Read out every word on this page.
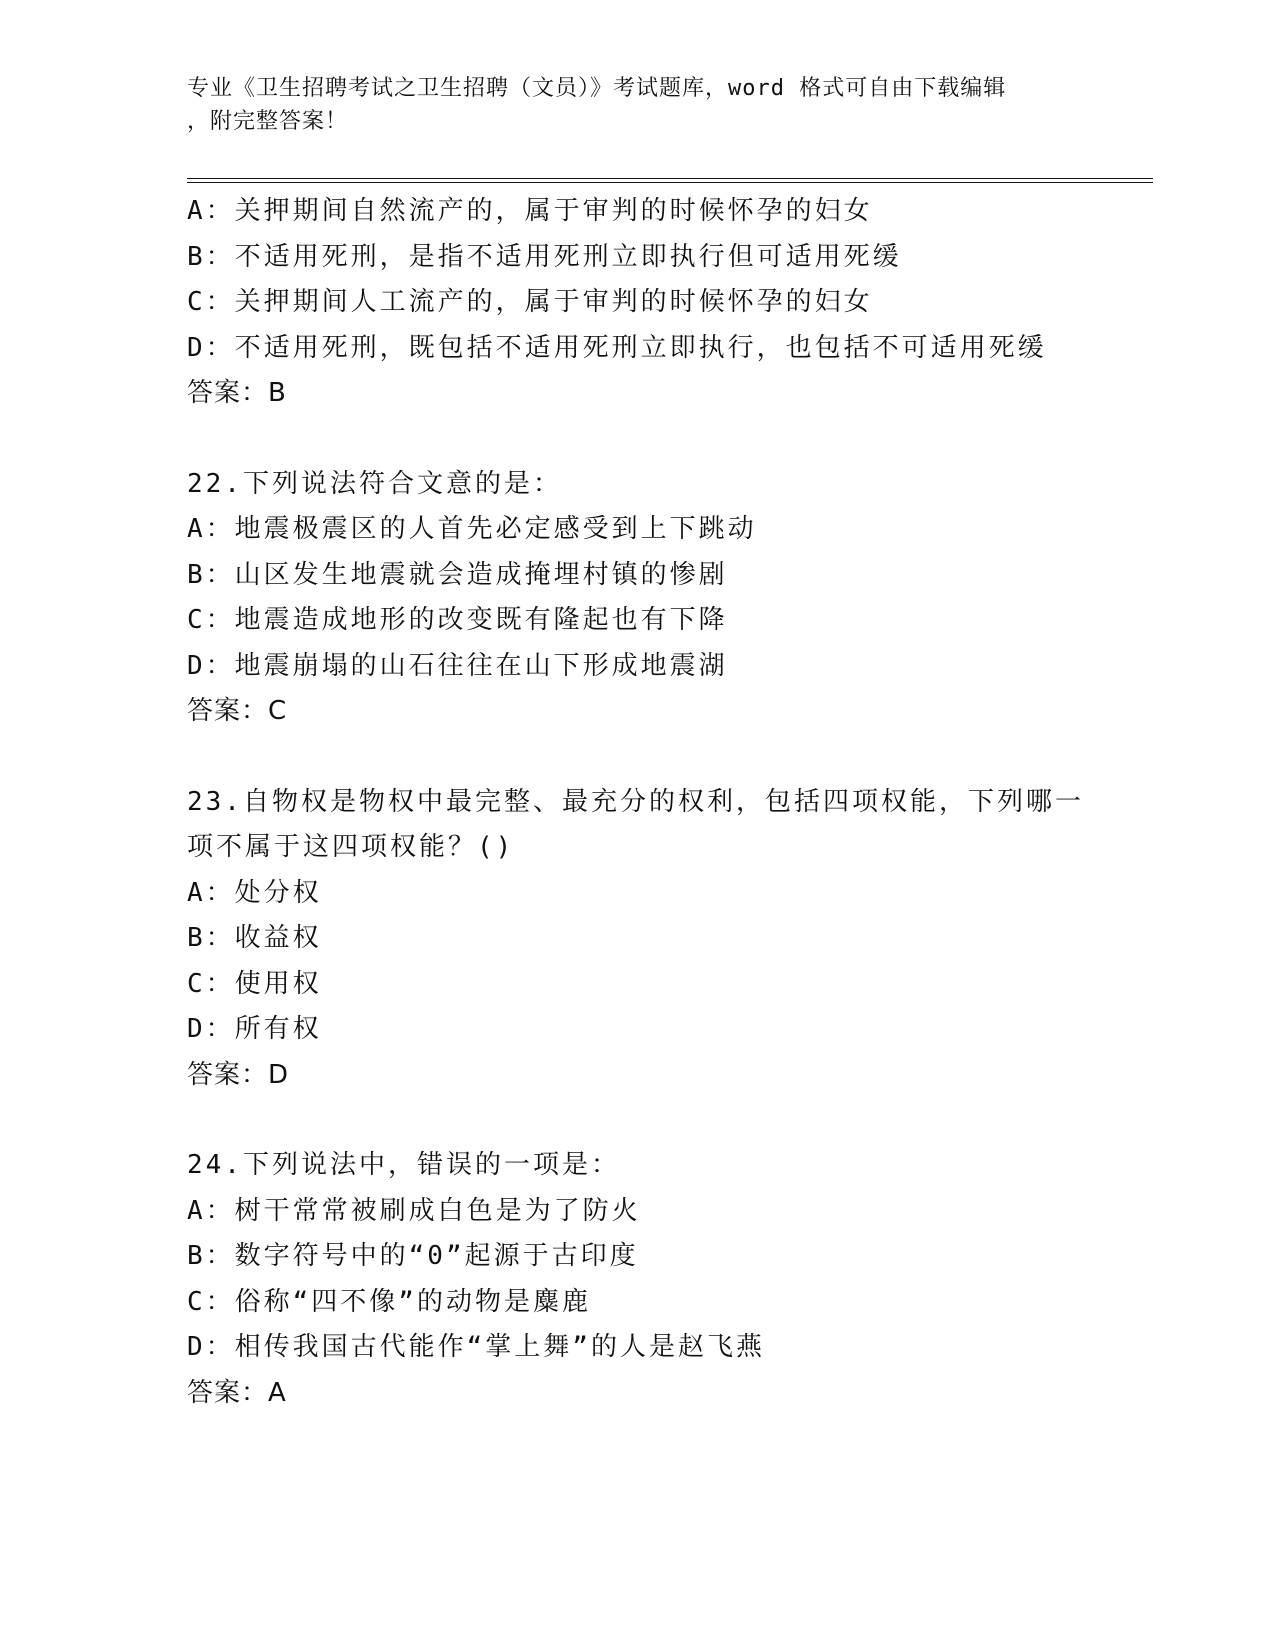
专业《卫生招聘考试之卫生招聘（文员）》考试题库，word 格式可自由下载编辑
，附完整答案！
A：关押期间自然流产的，属于审判的时候怀孕的妇女
B：不适用死刑，是指不适用死刑立即执行但可适用死缓
C：关押期间人工流产的，属于审判的时候怀孕的妇女
D：不适用死刑，既包括不适用死刑立即执行，也包括不可适用死缓
答案：B
22.下列说法符合文意的是：
A：地震极震区的人首先必定感受到上下跳动
B：山区发生地震就会造成掩埋村镇的惨剧
C：地震造成地形的改变既有隆起也有下降
D：地震崩塌的山石往往在山下形成地震湖
答案：C
23.自物权是物权中最完整、最充分的权利，包括四项权能，下列哪一
项不属于这四项权能？()
A：处分权
B：收益权
C：使用权
D：所有权
答案：D
24.下列说法中，错误的一项是：
A：树干常常被刷成白色是为了防火
B：数字符号中的“0”起源于古印度
C：俗称“四不像”的动物是麋鹿
D：相传我国古代能作“掌上舞”的人是赵飞燕
答案：A
